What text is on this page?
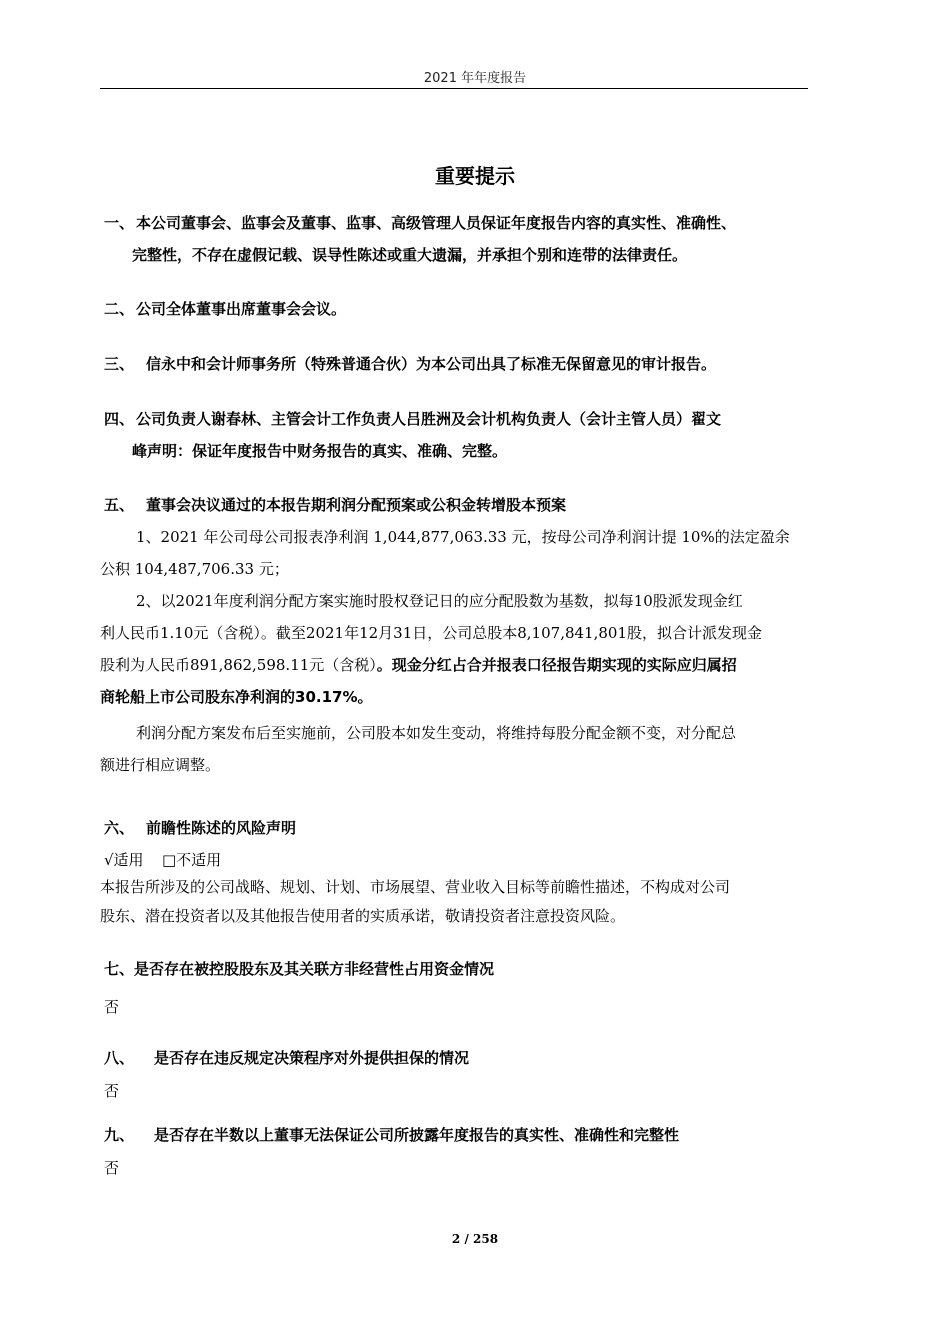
2021 年年度报告
重要提示
一、 本公司董事会、监事会及董事、监事、高级管理人员保证年度报告内容的真实性、准确性、
完整性，不存在虚假记载、误导性陈述或重大遗漏，并承担个别和连带的法律责任。
二、 公司全体董事出席董事会会议。
三、 信永中和会计师事务所（特殊普通合伙）为本公司出具了标准无保留意见的审计报告。
四、 公司负责人谢春林、主管会计工作负责人吕胜洲及会计机构负责人（会计主管人员）翟文
峰声明：保证年度报告中财务报告的真实、准确、完整。
五、 董事会决议通过的本报告期利润分配预案或公积金转增股本预案
1、2021 年公司母公司报表净利润 1,044,877,063.33 元，按母公司净利润计提 10%的法定盈余
公积 104,487,706.33 元；
2、以2021年度利润分配方案实施时股权登记日的应分配股数为基数，拟每10股派发现金红
利人民币1.10元（含税）。截至2021年12月31日，公司总股本8,107,841,801股，拟合计派发现金
股利为人民币891,862,598.11元（含税）。现金分红占合并报表口径报告期实现的实际应归属招
商轮船上市公司股东净利润的30.17%。
利润分配方案发布后至实施前，公司股本如发生变动，将维持每股分配金额不变，对分配总
额进行相应调整。
六、 前瞻性陈述的风险声明
√适用 □不适用
本报告所涉及的公司战略、规划、计划、市场展望、营业收入目标等前瞻性描述，不构成对公司
股东、潜在投资者以及其他报告使用者的实质承诺，敬请投资者注意投资风险。
七、是否存在被控股股东及其关联方非经营性占用资金情况
否
八、 是否存在违反规定决策程序对外提供担保的情况
否
九、 是否存在半数以上董事无法保证公司所披露年度报告的真实性、准确性和完整性
否
2 / 258
